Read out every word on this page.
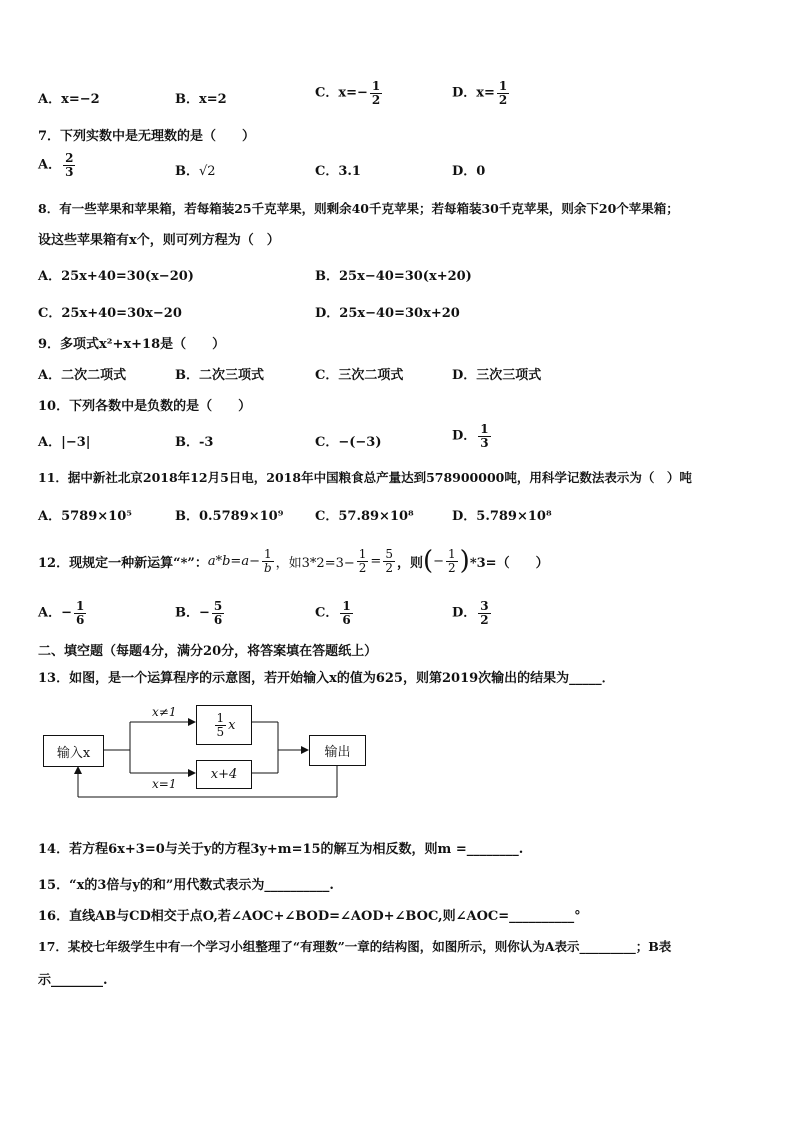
A．x=−2	B．x=2	C．$x=- \frac{1}{2}$	D．$x= \frac{1}{2}$
7．下列实数中是无理数的是（　　）
A． $\frac{2}{3}$	B．√2	C．3.1	D．0
8．有一些苹果和苹果箱，若每箱装25千克苹果，则剩余40千克苹果；若每箱装30千克苹果，则余下20个苹果箱；
设这些苹果箱有x个，则可列方程为（　）
A．25x+40=30(x−20)	B．25x−40=30(x+20)
C．25x+40=30x−20	D．25x−40=30x+20
9．多项式x²+x+18是（　　）
A．二次二项式	B．二次三项式	C．三次二项式	D．三次三项式
10．下列各数中是负数的是（　　）
A．|−3|	B．-3	C．−(−3)	D． $\frac{1}{3}$
11．据中新社北京2018年12月5日电，2018年中国粮食总产量达到578900000吨，用科学记数法表示为（　）吨
A．5789×10⁵	B．0.5789×10⁹ C．57.89×10⁸	D．5.789×10⁸
12．现规定一种新运算“*”： $a*b=a- \frac{1}{b}$ ，如$3*2=3- \frac{1}{2} = \frac{5}{2}$ ，则 ( − $\frac{1}{2}$ ) *3=（　　）
A．− $\frac{1}{6}$	B．− $\frac{5}{6}$	C． $\frac{1}{6}$	D． $\frac{3}{2}$
二、填空题（每题4分，满分20分，将答案填在答题纸上）
13．如图，是一个运算程序的示意图，若开始输入x的值为625，则第2019次输出的结果为_____．
输入x
x≠1	$\frac{1}{5}$ x
x+4
x=1
输出
14．若方程6x+3=0与关于y的方程3y+m=15的解互为相反数，则m =________.
15．“x的3倍与y的和”用代数式表示为__________.
16．直线AB与CD相交于点O,若∠AOC+∠BOD=∠AOD+∠BOC,则∠AOC=__________°
17．某校七年级学生中有一个学习小组整理了“有理数”一章的结构图，如图所示，则你认为A表示_________；B表
示________.
